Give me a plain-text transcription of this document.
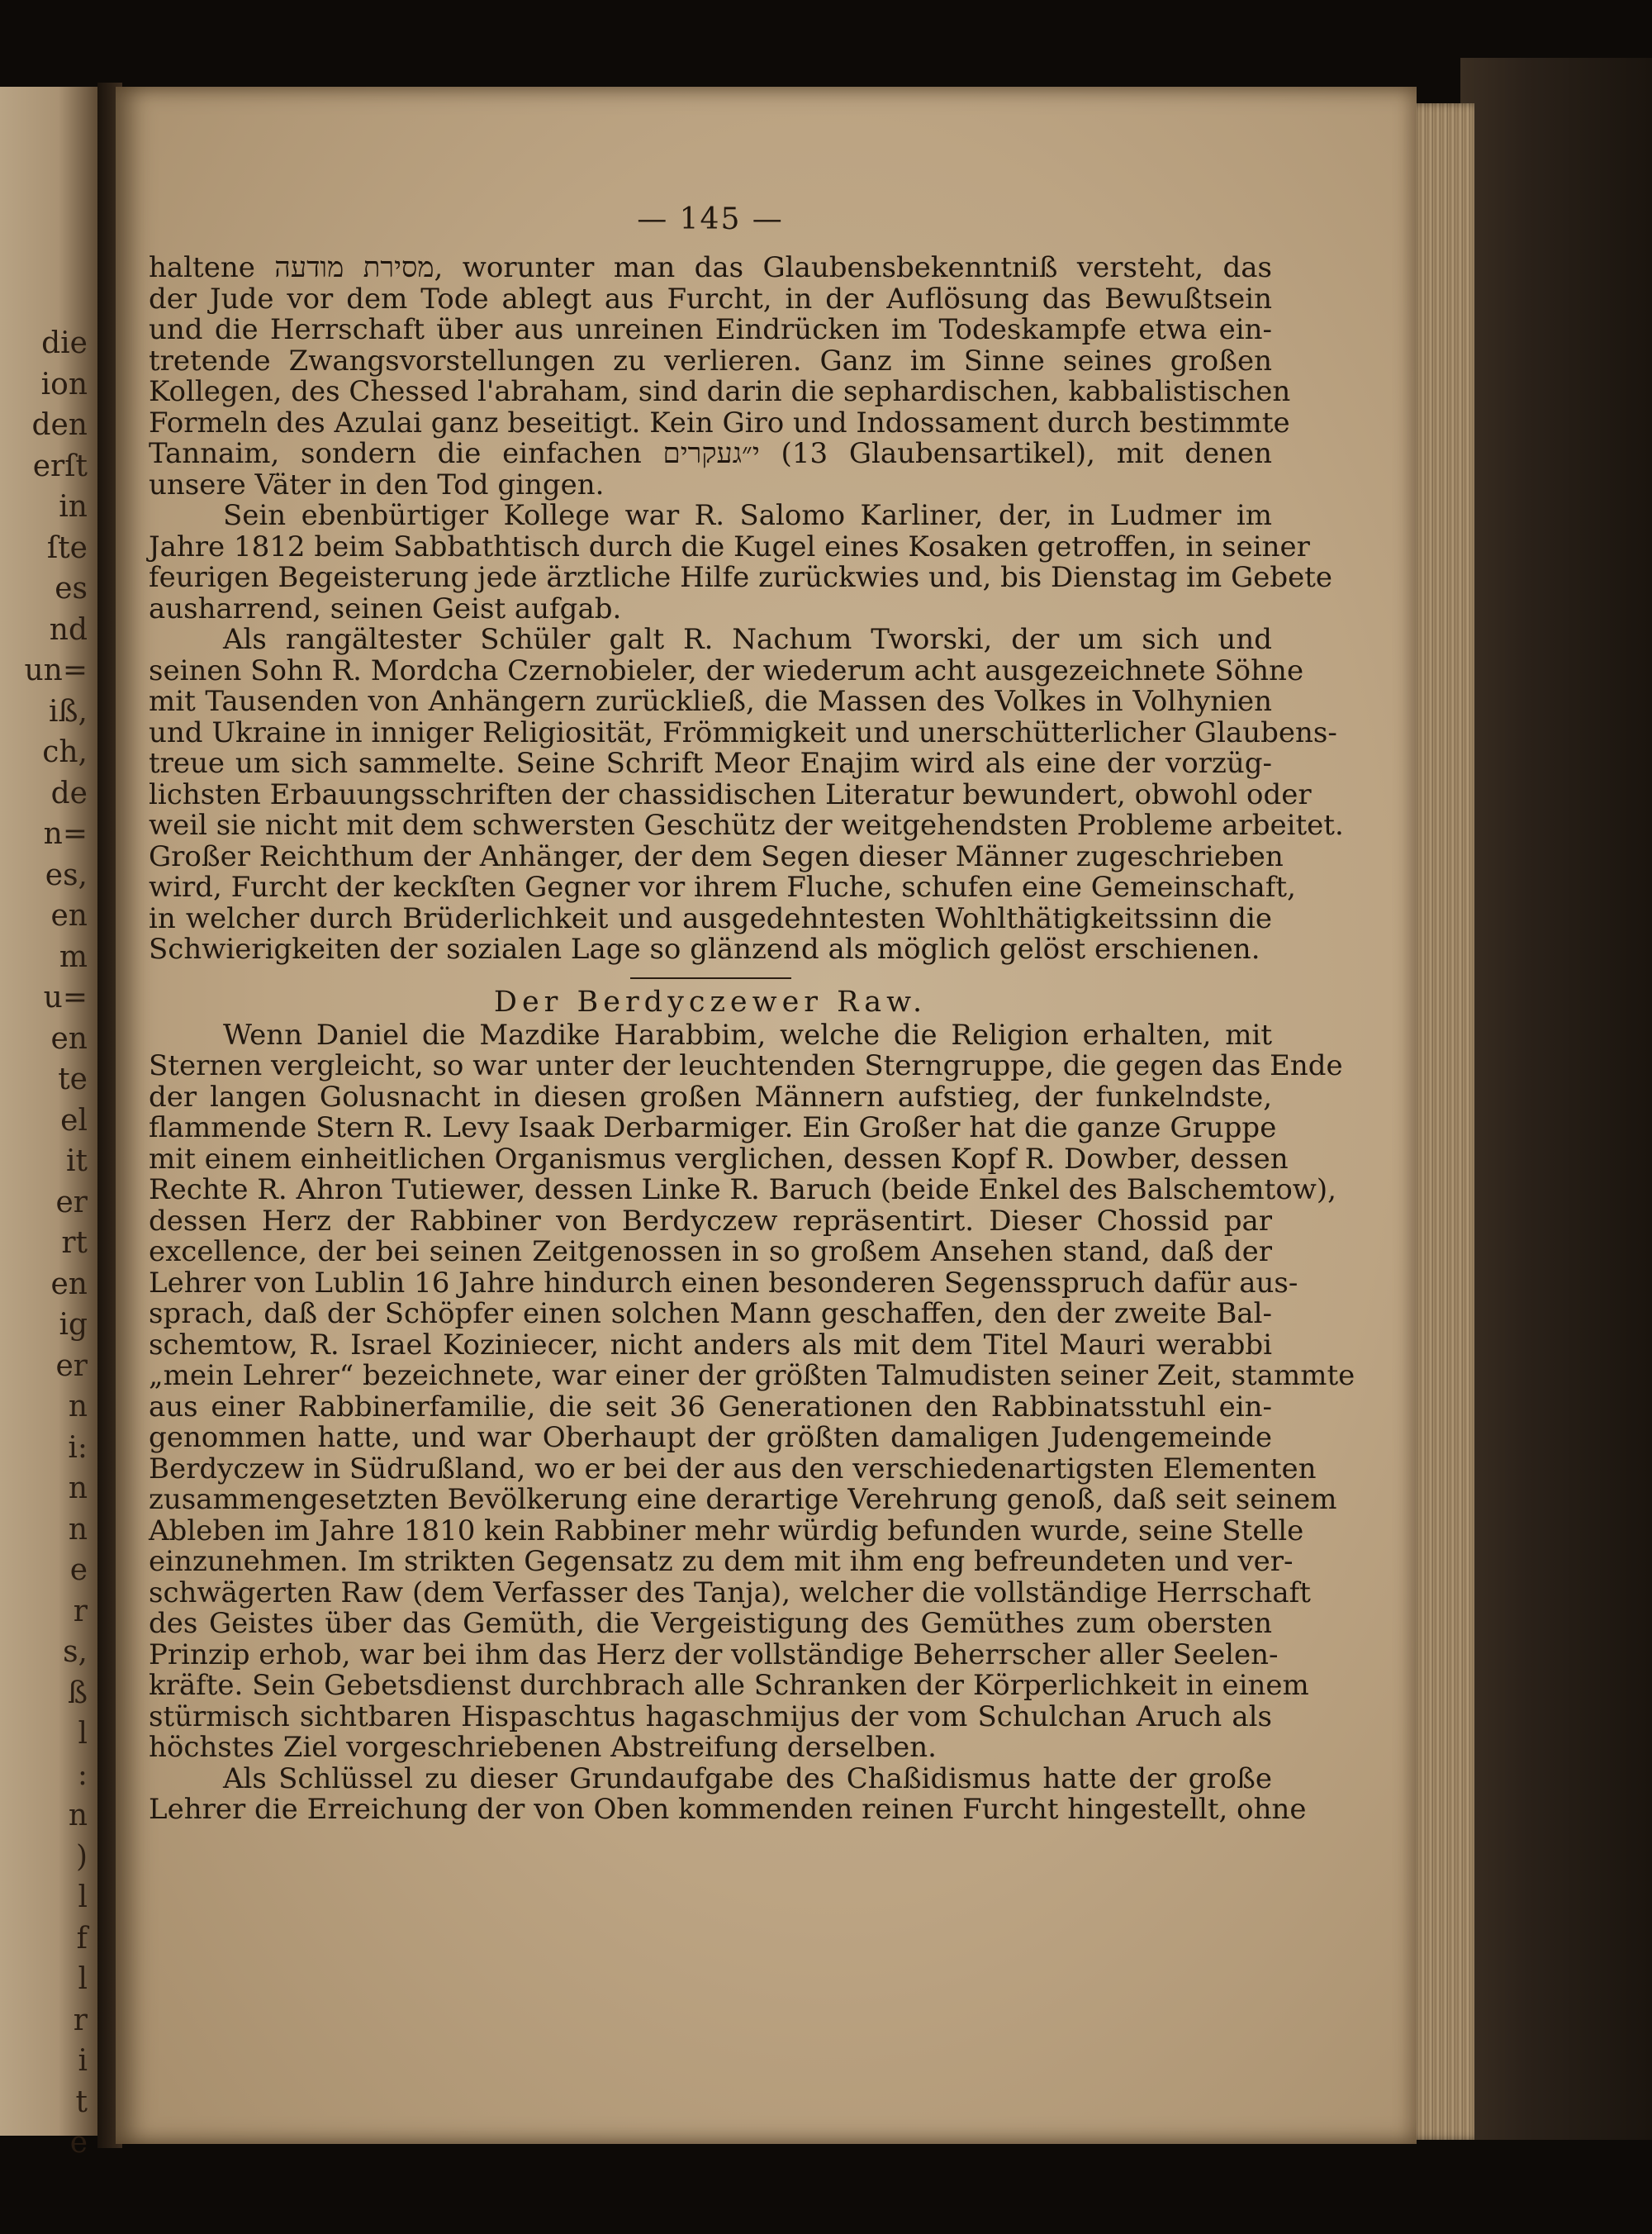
die
ion
den
erſt
in
ſte
es
nd
un=
iß,
ch,
de
n=
es,
en
m
u=
en
te
el
it
er
rt
en
ig
er
n
i:
n
n
e
r
s,
ß
l
:
n
)
l
f
l
r
i
t
e
— 145 —
haltene מסירת מודעה, worunter man das Glaubensbekenntniß versteht, das
der Jude vor dem Tode ablegt aus Furcht, in der Auflösung das Bewußtsein
und die Herrschaft über aus unreinen Eindrücken im Todeskampfe etwa ein-
tretende Zwangsvorstellungen zu verlieren. Ganz im Sinne seines großen
Kollegen, des Chessed l'abraham, sind darin die sephardischen, kabbalistischen
Formeln des Azulai ganz beseitigt. Kein Giro und Indossament durch bestimmte
Tannaim, sondern die einfachen י״געקרים (13 Glaubensartikel), mit denen
unsere Väter in den Tod gingen.
Sein ebenbürtiger Kollege war R. Salomo Karliner, der, in Ludmer im
Jahre 1812 beim Sabbathtisch durch die Kugel eines Kosaken getroffen, in seiner
feurigen Begeisterung jede ärztliche Hilfe zurückwies und, bis Dienstag im Gebete
ausharrend, seinen Geist aufgab.
Als rangältester Schüler galt R. Nachum Tworski, der um sich und
seinen Sohn R. Mordcha Czernobieler, der wiederum acht ausgezeichnete Söhne
mit Tausenden von Anhängern zurückließ, die Massen des Volkes in Volhynien
und Ukraine in inniger Religiosität, Frömmigkeit und unerschütterlicher Glaubens-
treue um sich sammelte. Seine Schrift Meor Enajim wird als eine der vorzüg-
lichsten Erbauungsschriften der chassidischen Literatur bewundert, obwohl oder
weil sie nicht mit dem schwersten Geschütz der weitgehendsten Probleme arbeitet.
Großer Reichthum der Anhänger, der dem Segen dieser Männer zugeschrieben
wird, Furcht der keckſten Gegner vor ihrem Fluche, schufen eine Gemeinschaft,
in welcher durch Brüderlichkeit und ausgedehntesten Wohlthätigkeitssinn die
Schwierigkeiten der sozialen Lage so glänzend als möglich gelöst erschienen.
Der Berdyczewer Raw.
Wenn Daniel die Mazdike Harabbim, welche die Religion erhalten, mit
Sternen vergleicht, so war unter der leuchtenden Sterngruppe, die gegen das Ende
der langen Golusnacht in diesen großen Männern aufstieg, der funkelndste,
flammende Stern R. Levy Isaak Derbarmiger. Ein Großer hat die ganze Gruppe
mit einem einheitlichen Organismus verglichen, dessen Kopf R. Dowber, dessen
Rechte R. Ahron Tutiewer, dessen Linke R. Baruch (beide Enkel des Balschemtow),
dessen Herz der Rabbiner von Berdyczew repräsentirt. Dieser Chossid par
excellence, der bei seinen Zeitgenossen in so großem Ansehen stand, daß der
Lehrer von Lublin 16 Jahre hindurch einen besonderen Segensspruch dafür aus-
sprach, daß der Schöpfer einen solchen Mann geschaffen, den der zweite Bal-
schemtow, R. Israel Koziniecer, nicht anders als mit dem Titel Mauri werabbi
„mein Lehrer“ bezeichnete, war einer der größten Talmudisten seiner Zeit, stammte
aus einer Rabbinerfamilie, die seit 36 Generationen den Rabbinatsstuhl ein-
genommen hatte, und war Oberhaupt der größten damaligen Judengemeinde
Berdyczew in Südrußland, wo er bei der aus den verschiedenartigsten Elementen
zusammengesetzten Bevölkerung eine derartige Verehrung genoß, daß seit seinem
Ableben im Jahre 1810 kein Rabbiner mehr würdig befunden wurde, seine Stelle
einzunehmen. Im strikten Gegensatz zu dem mit ihm eng befreundeten und ver-
schwägerten Raw (dem Verfasser des Tanja), welcher die vollständige Herrschaft
des Geistes über das Gemüth, die Vergeistigung des Gemüthes zum obersten
Prinzip erhob, war bei ihm das Herz der vollständige Beherrscher aller Seelen-
kräfte. Sein Gebetsdienst durchbrach alle Schranken der Körperlichkeit in einem
stürmisch sichtbaren Hispaschtus hagaschmijus der vom Schulchan Aruch als
höchstes Ziel vorgeschriebenen Abstreifung derselben.
Als Schlüssel zu dieser Grundaufgabe des Chaßidismus hatte der große
Lehrer die Erreichung der von Oben kommenden reinen Furcht hingestellt, ohne
